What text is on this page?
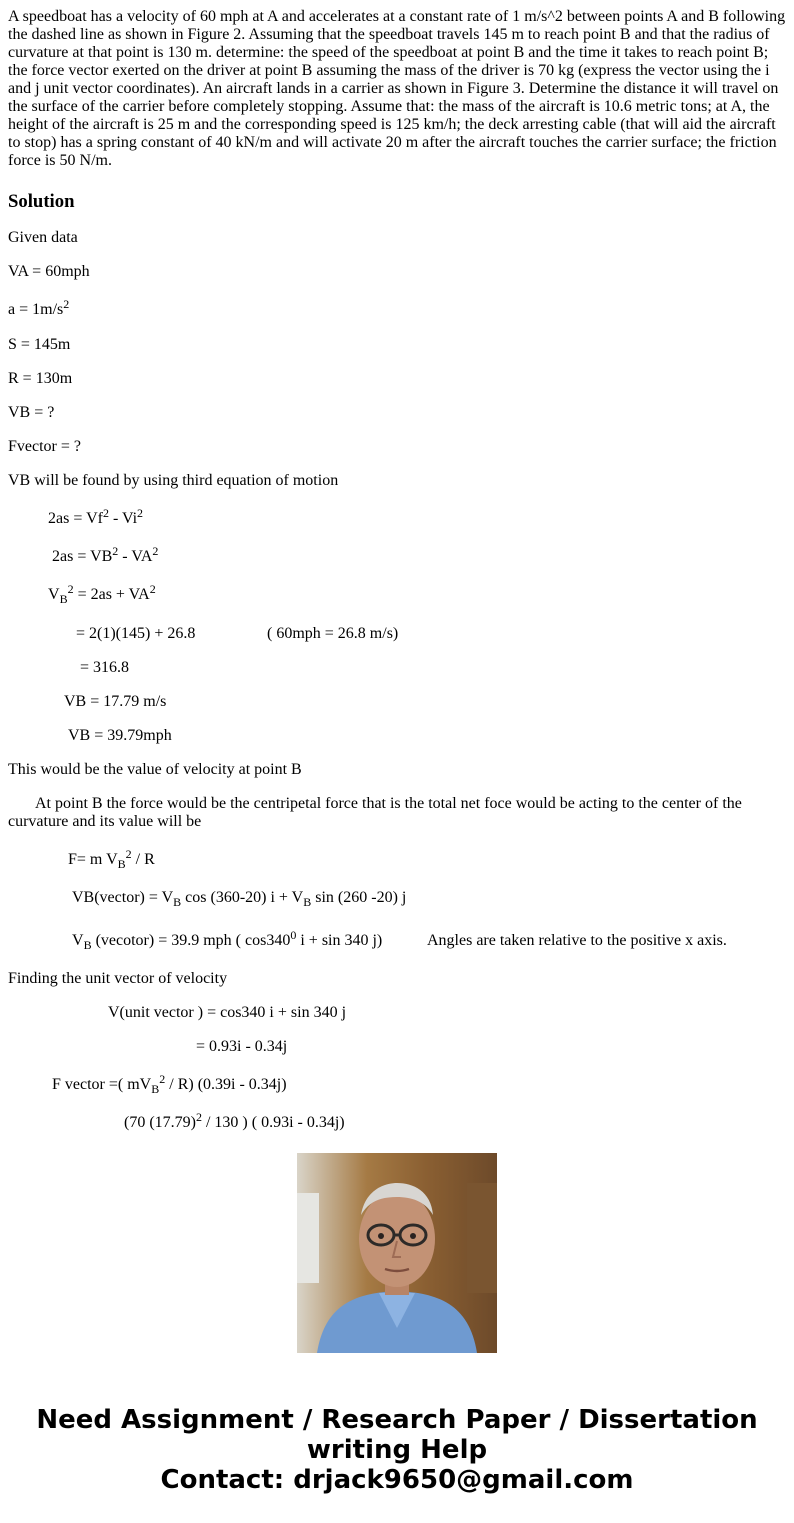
A speedboat has a velocity of 60 mph at A and accelerates at a constant rate of 1 m/s^2 between points A and B following the dashed line as shown in Figure 2. Assuming that the speedboat travels 145 m to reach point B and that the radius of curvature at that point is 130 m. determine: the speed of the speedboat at point B and the time it takes to reach point B; the force vector exerted on the driver at point B assuming the mass of the driver is 70 kg (express the vector using the i and j unit vector coordinates). An aircraft lands in a carrier as shown in Figure 3. Determine the distance it will travel on the surface of the carrier before completely stopping. Assume that: the mass of the aircraft is 10.6 metric tons; at A, the height of the aircraft is 25 m and the corresponding speed is 125 km/h; the deck arresting cable (that will aid the aircraft to stop) has a spring constant of 40 kN/m and will activate 20 m after the aircraft touches the carrier surface; the friction force is 50 N/m.

Solution
Given data
VA = 60mph
$a = 1m/s^2$
S = 145m
R = 130m
VB = ?
Fvector = ?
VB will be found by using third equation of motion
$2as = Vf^2 - Vi^2$
$2as = VB^2 - VA^2$
$V_B^2 = 2as + VA^2$
= 2(1)(145) + 26.8	( 60mph = 26.8 m/s)
= 316.8
VB = 17.79 m/s
VB = 39.79mph
This would be the value of velocity at point B
At point B the force would be the centripetal force that is the total net foce would be acting to the center of the curvature and its value will be
F= m $V_B^2$ / R
VB(vector) = $V_B$ cos (360-20) $i + V_B$ sin (260 -20) j
$V_B$ (vecotor) = 39.9 mph ( $\cos 340^0$ i + sin 340 j)	Angles are taken relative to the positive x axis.
Finding the unit vector of velocity
V(unit vector ) = cos340 i + sin 340 j
= 0.93i - 0.34j
F vector =( $mV_B^2 / R$) (0.39i - 0.34j)
(70 $(17.79)^2 / 130$ ) ( 0.93i - 0.34j)
Need Assignment / Research Paper / Dissertation
writing Help
Contact: drjack9650@gmail.com
